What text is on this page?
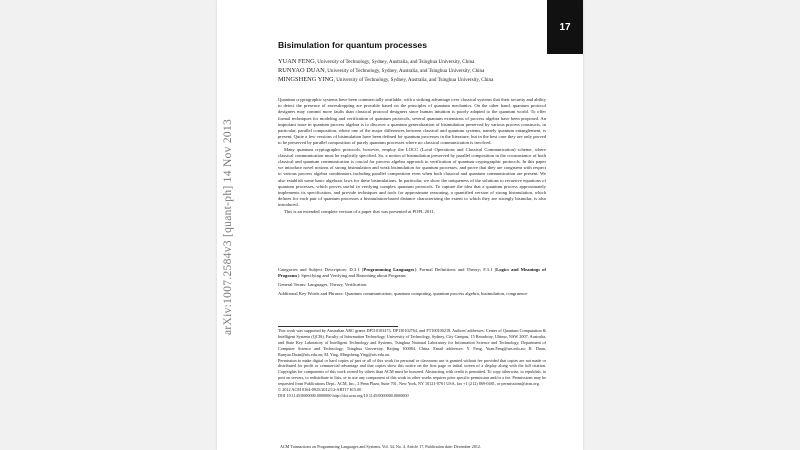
17
arXiv:1007.2584v3 [quant-ph] 14 Nov 2013
Bisimulation for quantum processes
YUAN FENG, University of Technology, Sydney, Australia, and Tsinghua University, China
RUNYAO DUAN, University of Technology, Sydney, Australia, and Tsinghua University, China
MINGSHENG YING, University of Technology, Sydney, Australia, and Tsinghua University, China

Quantum cryptographic systems have been commercially available, with a striking advantage over classical systems that their security and ability to detect the presence of eavesdropping are provable based on the principles of quantum mechanics. On the other hand, quantum protocol designers may commit more faults than classical protocol designers since human intuition is poorly adapted to the quantum world. To offer formal techniques for modeling and verification of quantum protocols, several quantum extensions of process algebra have been proposed. An important issue in quantum process algebra is to discover a quantum generalization of bisimulation preserved by various process constructs, in particular, parallel composition, where one of the major differences between classical and quantum systems, namely quantum entanglement, is present. Quite a few versions of bisimulation have been defined for quantum processes in the literature, but in the best case they are only proved to be preserved by parallel composition of purely quantum processes where no classical communication is involved.

Many quantum cryptographic protocols, however, employ the LOCC (Local Operations and Classical Communication) scheme, where classical communication must be explicitly specified. So, a notion of bisimulation preserved by parallel composition in the circumstance of both classical and quantum communication is crucial for process algebra approach to verification of quantum cryptographic protocols. In this paper we introduce novel notions of strong bisimulation and weak bisimulation for quantum processes, and prove that they are congruent with respect to various process algebra combinators including parallel composition even when both classical and quantum communication are present. We also establish some basic algebraic laws for these bisimulations. In particular, we show the uniqueness of the solutions to recursive equations of quantum processes, which proves useful in verifying complex quantum protocols. To capture the idea that a quantum process approximately implements its specification, and provide techniques and tools for approximate reasoning, a quantified version of strong bisimulation, which defines for each pair of quantum processes a bisimulation-based distance characterizing the extent to which they are strongly bisimilar, is also introduced.

This is an extended complete version of a paper that was presented at POPL 2011.

Categories and Subject Descriptors: D.3.1 [Programming Languages]: Formal Definitions and Theory; F.3.1 [Logics and Meanings of Programs]: Specifying and Verifying and Reasoning about Programs

General Terms: Languages, Theory, Verification

Additional Key Words and Phrases: Quantum communication, quantum computing, quantum process algebra, bisimulation, congruence

This work was supported by Australian ARC grants DP110103473, DP130102764, and FT100100218. Authors' addresses: Center of Quantum Computation & Intelligent Systems (QCIS), Faculty of Information Technology, University of Technology, Sydney, City Campus, 15 Broadway, Ultimo, NSW 2007, Australia, and State Key Laboratory of Intelligent Technology and Systems, Tsinghua National Laboratory for Information Science and Technology, Department of Computer Science and Technology, Tsinghua University, Beijing 100084, China. Email addresses: Y. Feng, Yuan.Feng@uts.edu.au; R. Duan, Runyao.Duan@uts.edu.au; M. Ying, Mingsheng.Ying@uts.edu.au.

Permission to make digital or hard copies of part or all of this work for personal or classroom use is granted without fee provided that copies are not made or distributed for profit or commercial advantage and that copies show this notice on the first page or initial screen of a display along with the full citation. Copyrights for components of this work owned by others than ACM must be honored. Abstracting with credit is permitted. To copy otherwise, to republish, to post on servers, to redistribute to lists, or to use any component of this work in other works requires prior specific permission and/or a fee. Permissions may be requested from Publications Dept., ACM, Inc., 2 Penn Plaza, Suite 701, New York, NY 10121-0701 USA, fax +1 (212) 869-0481, or permissions@acm.org.

© 2012 ACM 0164-0925/2012/12-ART17 $15.00

DOI 10.1145/0000000.0000000 http://doi.acm.org/10.1145/0000000.0000000

ACM Transactions on Programming Languages and Systems, Vol. 34, No. 4, Article 17, Publication date: December 2012.
